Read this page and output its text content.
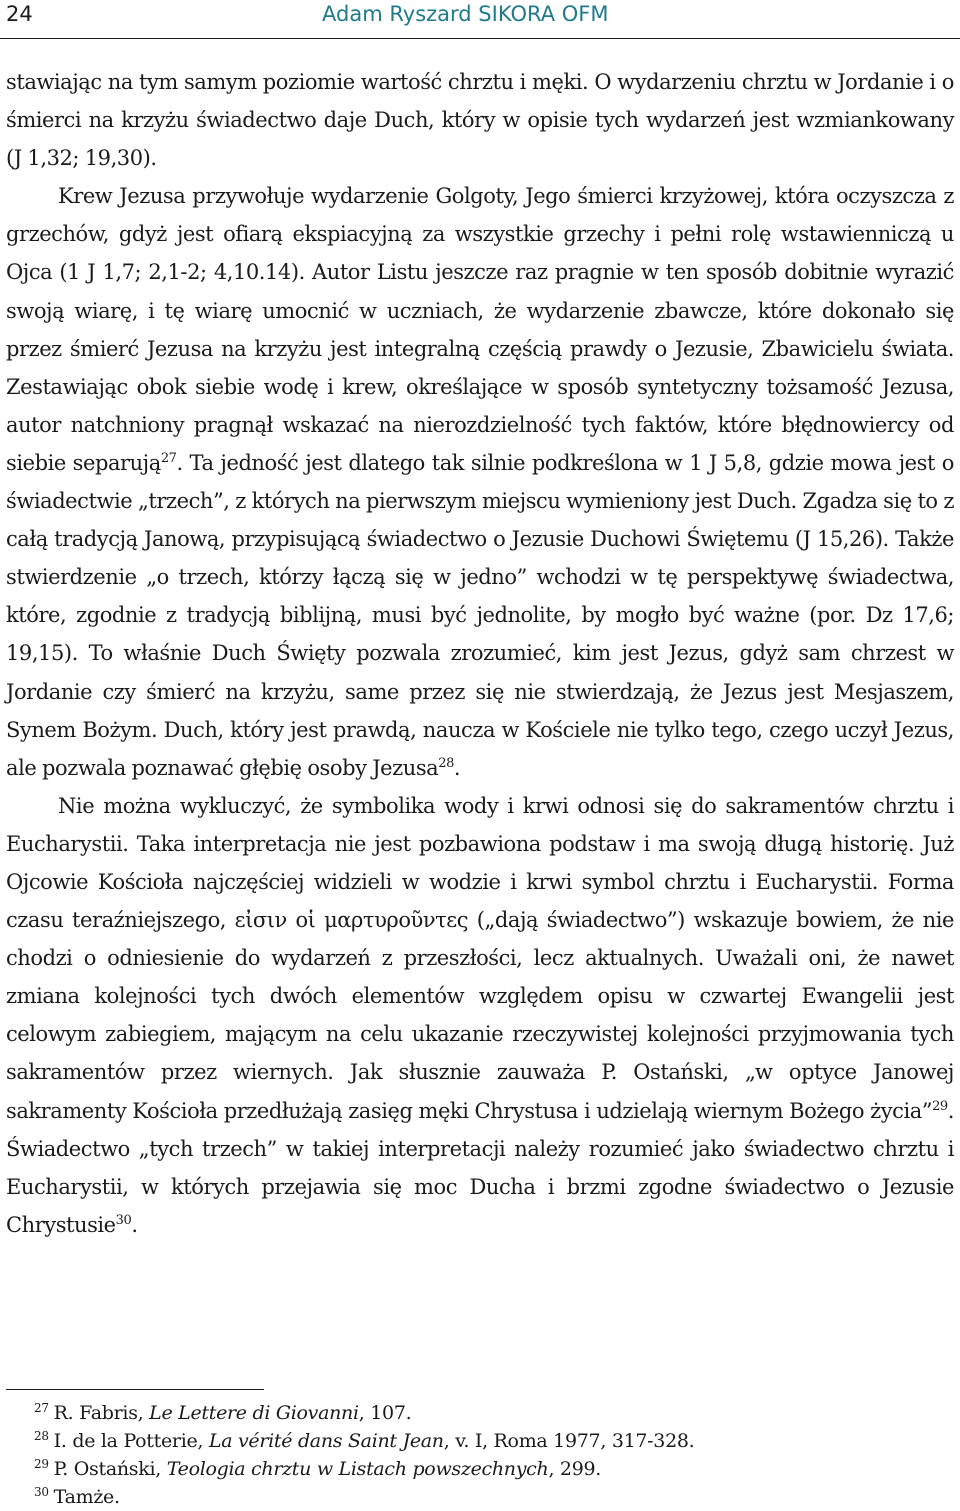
24	Adam Ryszard SIKORA OFM

stawiając na tym samym poziomie wartość chrztu i męki. O wydarzeniu chrztu w Jordanie i o śmierci na krzyżu świadectwo daje Duch, który w opisie tych wydarzeń jest wzmiankowany (J 1,32; 19,30).

Krew Jezusa przywołuje wydarzenie Golgoty, Jego śmierci krzyżowej, która oczyszcza z grzechów, gdyż jest ofiarą ekspiacyjną za wszystkie grzechy i pełni rolę wstawienniczą u Ojca (1 J 1,7; 2,1-2; 4,10.14). Autor Listu jeszcze raz pragnie w ten sposób dobitnie wyrazić swoją wiarę, i tę wiarę umocnić w uczniach, że wydarzenie zbawcze, które dokonało się przez śmierć Jezusa na krzyżu jest integralną częścią prawdy o Jezusie, Zbawicielu świata. Zestawiając obok siebie wodę i krew, określające w sposób syntetyczny tożsamość Jezusa, autor natchniony pragnął wskazać na nierozdzielność tych faktów, które błędnowiercy od siebie separują$^{27}$. Ta jedność jest dlatego tak silnie podkreślona w 1 J 5,8, gdzie mowa jest o świadectwie „trzech”, z których na pierwszym miejscu wymieniony jest Duch. Zgadza się to z całą tradycją Janową, przypisującą świadectwo o Jezusie Duchowi Świętemu (J 15,26). Także stwierdzenie „o trzech, którzy łączą się w jedno” wchodzi w tę perspektywę świadectwa, które, zgodnie z tradycją biblijną, musi być jednolite, by mogło być ważne (por. Dz 17,6; 19,15). To właśnie Duch Święty pozwala zrozumieć, kim jest Jezus, gdyż sam chrzest w Jordanie czy śmierć na krzyżu, same przez się nie stwierdzają, że Jezus jest Mesjaszem, Synem Bożym. Duch, który jest prawdą, naucza w Kościele nie tylko tego, czego uczył Jezus, ale pozwala poznawać głębię osoby Jezusa$^{28}$.

Nie można wykluczyć, że symbolika wody i krwi odnosi się do sakramentów chrztu i Eucharystii. Taka interpretacja nie jest pozbawiona podstaw i ma swoją długą historię. Już Ojcowie Kościoła najczęściej widzieli w wodzie i krwi symbol chrztu i Eucharystii. Forma czasu teraźniejszego, εἰσιν οἱ μαρτυροῦντες („dają świadectwo”) wskazuje bowiem, że nie chodzi o odniesienie do wydarzeń z przeszłości, lecz aktualnych. Uważali oni, że nawet zmiana kolejności tych dwóch elementów względem opisu w czwartej Ewangelii jest celowym zabiegiem, mającym na celu ukazanie rzeczywistej kolejności przyjmowania tych sakramentów przez wiernych. Jak słusznie zauważa P. Ostański, „w optyce Janowej sakramenty Kościoła przedłużają zasięg męki Chrystusa i udzielają wiernym Bożego życia”$^{29}$. Świadectwo „tych trzech” w takiej interpretacji należy rozumieć jako świadectwo chrztu i Eucharystii, w których przejawia się moc Ducha i brzmi zgodne świadectwo o Jezusie Chrystusie$^{30}$.

$^{27}$ R. Fabris, Le Lettere di Giovanni, 107.
$^{28}$ I. de la Potterie, La vérité dans Saint Jean, v. I, Roma 1977, 317-328.
$^{29}$ P. Ostański, Teologia chrztu w Listach powszechnych, 299.
$^{30}$ Tamże.
